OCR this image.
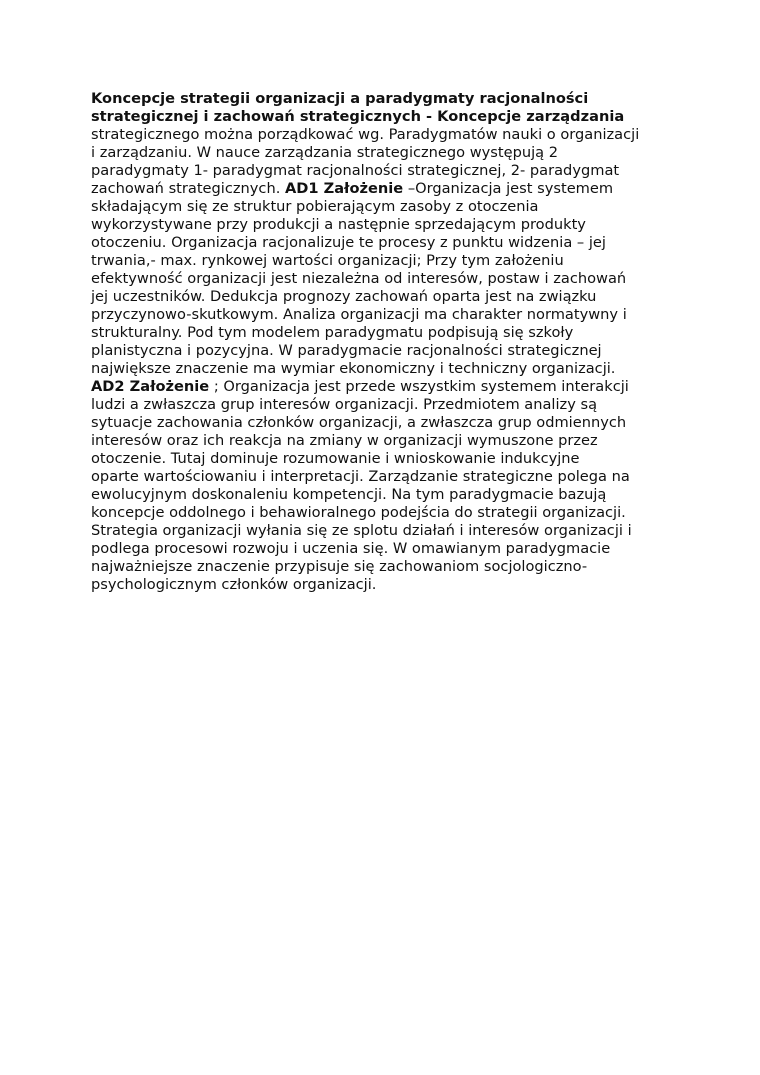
Koncepcje strategii organizacji a paradygmaty racjonalności
strategicznej i zachowań strategicznych - Koncepcje zarządzania
strategicznego można porządkować wg. Paradygmatów nauki o organizacji
i zarządzaniu. W nauce zarządzania strategicznego występują 2
paradygmaty 1- paradygmat racjonalności strategicznej, 2- paradygmat
zachowań strategicznych. AD1 Założenie –Organizacja jest systemem
składającym się ze struktur pobierającym zasoby z otoczenia
wykorzystywane przy produkcji a następnie sprzedającym produkty
otoczeniu. Organizacja racjonalizuje te procesy z punktu widzenia – jej
trwania,- max. rynkowej wartości organizacji; Przy tym założeniu
efektywność organizacji jest niezależna od interesów, postaw i zachowań
jej uczestników. Dedukcja prognozy zachowań oparta jest na związku
przyczynowo-skutkowym. Analiza organizacji ma charakter normatywny i
strukturalny. Pod tym modelem paradygmatu podpisują się szkoły
planistyczna i pozycyjna. W paradygmacie racjonalności strategicznej
największe znaczenie ma wymiar ekonomiczny i techniczny organizacji.
AD2 Założenie ; Organizacja jest przede wszystkim systemem interakcji
ludzi a zwłaszcza grup interesów organizacji. Przedmiotem analizy są
sytuacje zachowania członków organizacji, a zwłaszcza grup odmiennych
interesów oraz ich reakcja na zmiany w organizacji wymuszone przez
otoczenie. Tutaj dominuje rozumowanie i wnioskowanie indukcyjne
oparte wartościowaniu i interpretacji. Zarządzanie strategiczne polega na
ewolucyjnym doskonaleniu kompetencji. Na tym paradygmacie bazują
koncepcje oddolnego i behawioralnego podejścia do strategii organizacji.
Strategia organizacji wyłania się ze splotu działań i interesów organizacji i
podlega procesowi rozwoju i uczenia się. W omawianym paradygmacie
najważniejsze znaczenie przypisuje się zachowaniom socjologiczno-
psychologicznym członków organizacji.
